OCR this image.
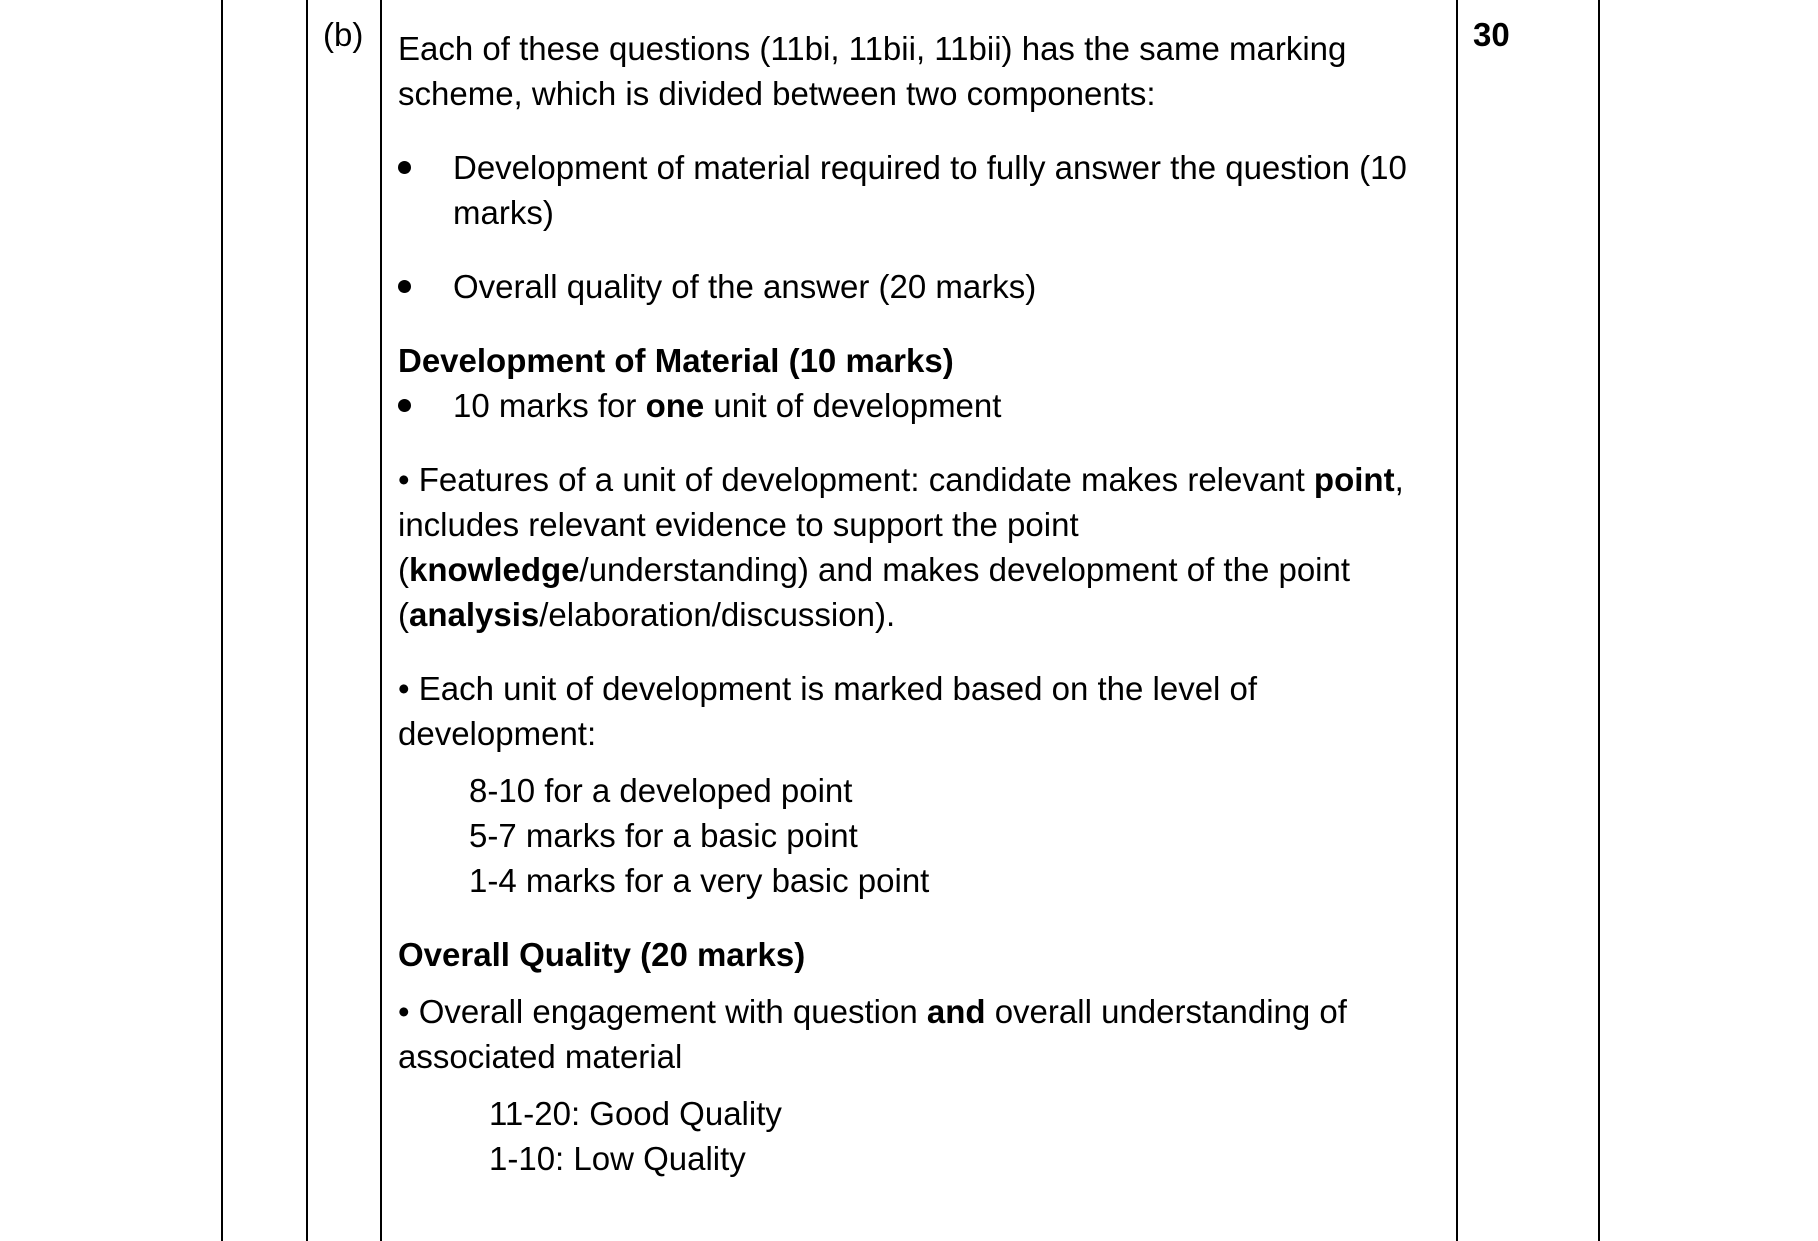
(b)	30

Each of these questions (11bi, 11bii, 11bii) has the same marking scheme, which is divided between two components:

Development of material required to fully answer the question (10 marks)
Overall quality of the answer (20 marks)

Development of Material (10 marks)

10 marks for one unit of development

• Features of a unit of development: candidate makes relevant point, includes relevant evidence to support the point (knowledge/understanding) and makes development of the point (analysis/elaboration/discussion).

• Each unit of development is marked based on the level of development:

8-10 for a developed point

5-7 marks for a basic point

1-4 marks for a very basic point

Overall Quality (20 marks)

• Overall engagement with question and overall understanding of associated material

11-20: Good Quality

1-10: Low Quality
